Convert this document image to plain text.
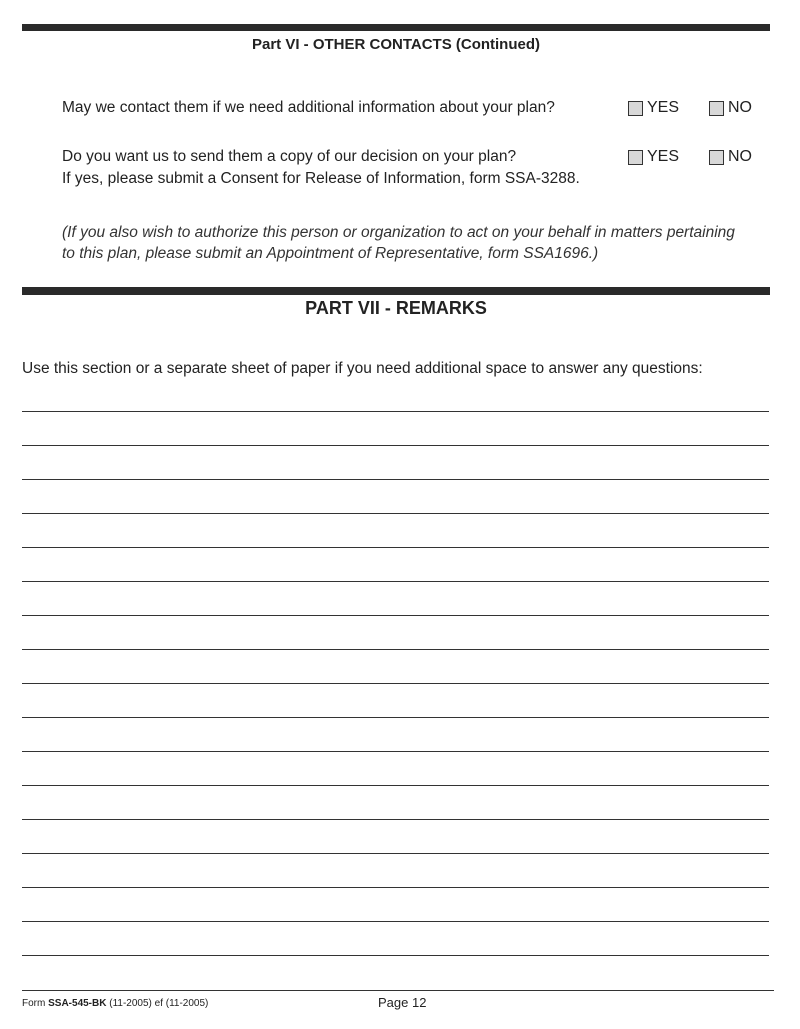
Part VI - OTHER CONTACTS (Continued)
May we contact them if we need additional information about your plan?	YES	NO
Do you want us to send them a copy of our decision on your plan?
If yes, please submit a Consent for Release of Information, form SSA-3288.
YES	NO
(If you also wish to authorize this person or organization to act on your behalf in matters pertaining to this plan, please submit an Appointment of Representative, form SSA1696.)
PART VII - REMARKS
Use this section or a separate sheet of paper if you need additional space to answer any questions:
Form SSA-545-BK (11-2005) ef (11-2005)	Page 12
